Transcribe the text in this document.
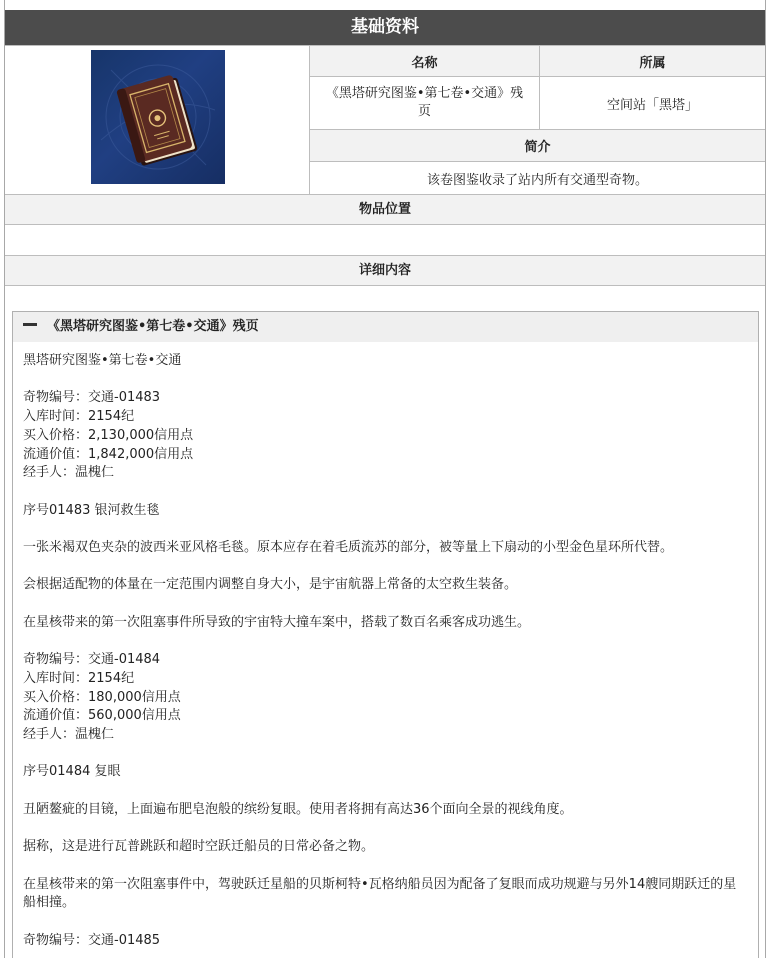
基础资料
名称	所属
《黑塔研究图鉴•第七卷•交通》残页	空间站「黑塔」
简介
该卷图鉴收录了站内所有交通型奇物。
物品位置
详细内容
《黑塔研究图鉴•第七卷•交通》残页

黑塔研究图鉴•第七卷•交通

奇物编号：交通-01483

入库时间：2154纪

买入价格：2,130,000信用点

流通价值：1,842,000信用点

经手人：温槐仁

序号01483 银河救生毯

一张米褐双色夹杂的波西米亚风格毛毯。原本应存在着毛质流苏的部分，被等量上下扇动的小型金色星环所代替。

会根据适配物的体量在一定范围内调整自身大小，是宇宙航器上常备的太空救生装备。

在星核带来的第一次阻塞事件所导致的宇宙特大撞车案中，搭载了数百名乘客成功逃生。

奇物编号：交通-01484

入库时间：2154纪

买入价格：180,000信用点

流通价值：560,000信用点

经手人：温槐仁

序号01484 复眼

丑陋鳌疵的目镜，上面遍布肥皂泡般的缤纷复眼。使用者将拥有高达36个面向全景的视线角度。

据称，这是进行瓦普跳跃和超时空跃迁船员的日常必备之物。

在星核带来的第一次阻塞事件中，驾驶跃迁星船的贝斯柯特•瓦格纳船员因为配备了复眼而成功规避与另外14艘同期跃迁的星船相撞。

奇物编号：交通-01485
